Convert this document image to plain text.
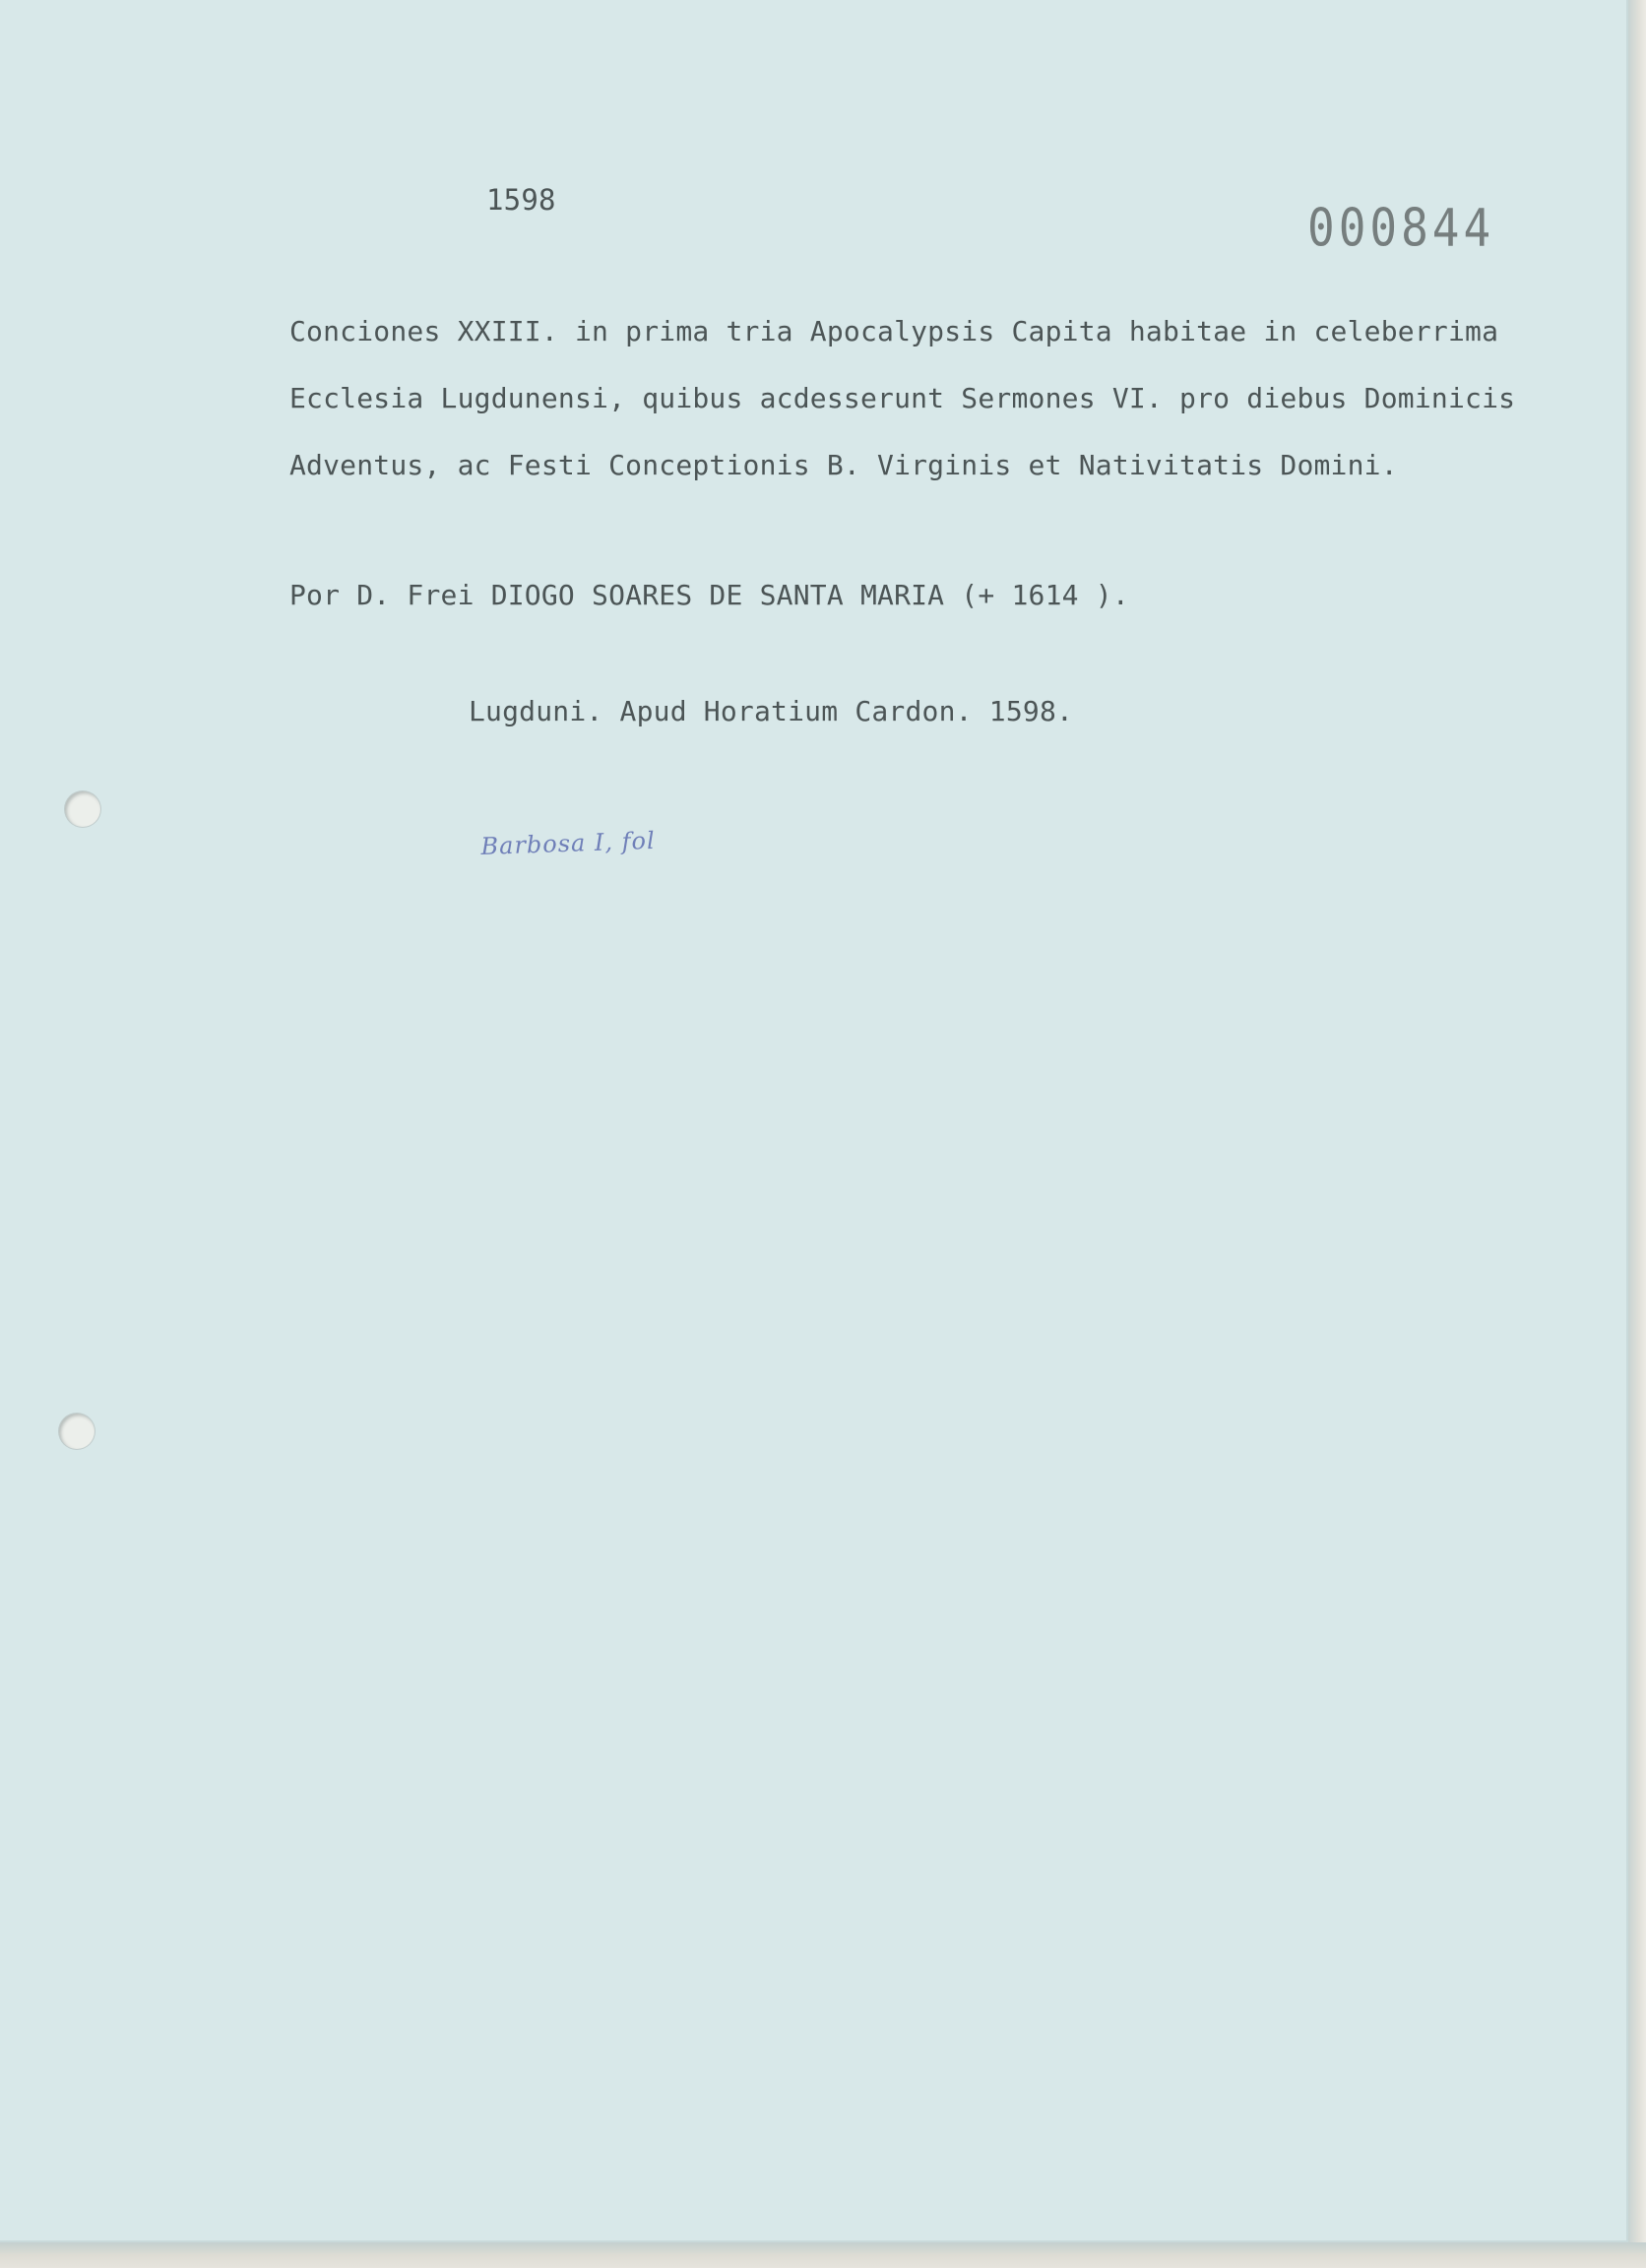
1598	000844
Conciones XXIII. in prima tria Apocalypsis Capita habitae in celeberrima
Ecclesia Lugdunensi, quibus acdesserunt Sermones VI. pro diebus Dominicis
Adventus, ac Festi Conceptionis B. Virginis et Nativitatis Domini.
Por D. Frei DIOGO SOARES DE SANTA MARIA (+ 1614 ).
Lugduni. Apud Horatium Cardon. 1598.
Barbosa I, fol
